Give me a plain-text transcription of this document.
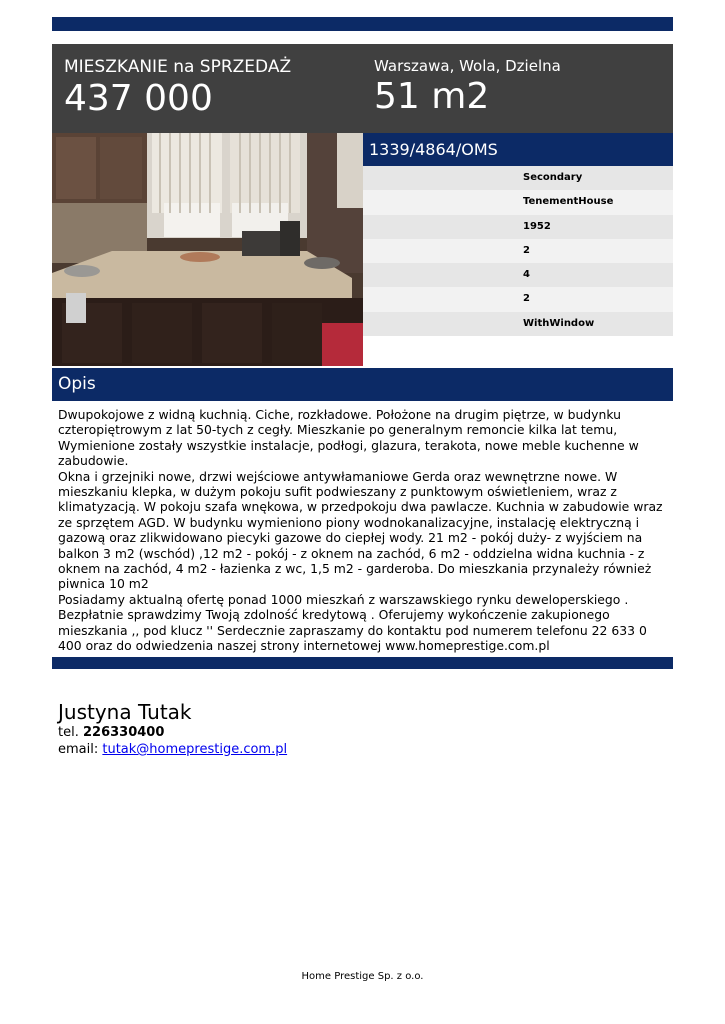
MIESZKANIE na SPRZEDAŻ
437 000
Warszawa, Wola, Dzielna
51 m2
1339/4864/OMS
Secondary
TenementHouse
1952
2
4
2
WithWindow
Opis
Dwupokojowe z widną kuchnią. Ciche, rozkładowe. Położone na drugim piętrze, w budynku czteropiętrowym z lat 50-tych z cegły. Mieszkanie po generalnym remoncie kilka lat temu, Wymienione zostały wszystkie instalacje, podłogi, glazura, terakota, nowe meble kuchenne w zabudowie.
Okna i grzejniki nowe, drzwi wejściowe antywłamaniowe Gerda oraz wewnętrzne nowe. W mieszkaniu klepka, w dużym pokoju sufit podwieszany z punktowym oświetleniem, wraz z klimatyzacją. W pokoju szafa wnękowa, w przedpokoju dwa pawlacze. Kuchnia w zabudowie wraz ze sprzętem AGD. W budynku wymieniono piony wodnokanalizacyjne, instalację elektryczną i gazową oraz zlikwidowano piecyki gazowe do ciepłej wody. 21 m2 - pokój duży- z wyjściem na balkon 3 m2 (wschód) ,12 m2 - pokój - z oknem na zachód, 6 m2 - oddzielna widna kuchnia - z oknem na zachód, 4 m2 - łazienka z wc, 1,5 m2 - garderoba. Do mieszkania przynależy również piwnica 10 m2
Posiadamy aktualną ofertę ponad 1000 mieszkań z warszawskiego rynku deweloperskiego . Bezpłatnie sprawdzimy Twoją zdolność kredytową . Oferujemy wykończenie zakupionego mieszkania ,, pod klucz '' Serdecznie zapraszamy do kontaktu pod numerem telefonu 22 633 0 400 oraz do odwiedzenia naszej strony internetowej www.homeprestige.com.pl
Justyna Tutak
tel. 226330400
email: tutak@homeprestige.com.pl
Home Prestige Sp. z o.o.
